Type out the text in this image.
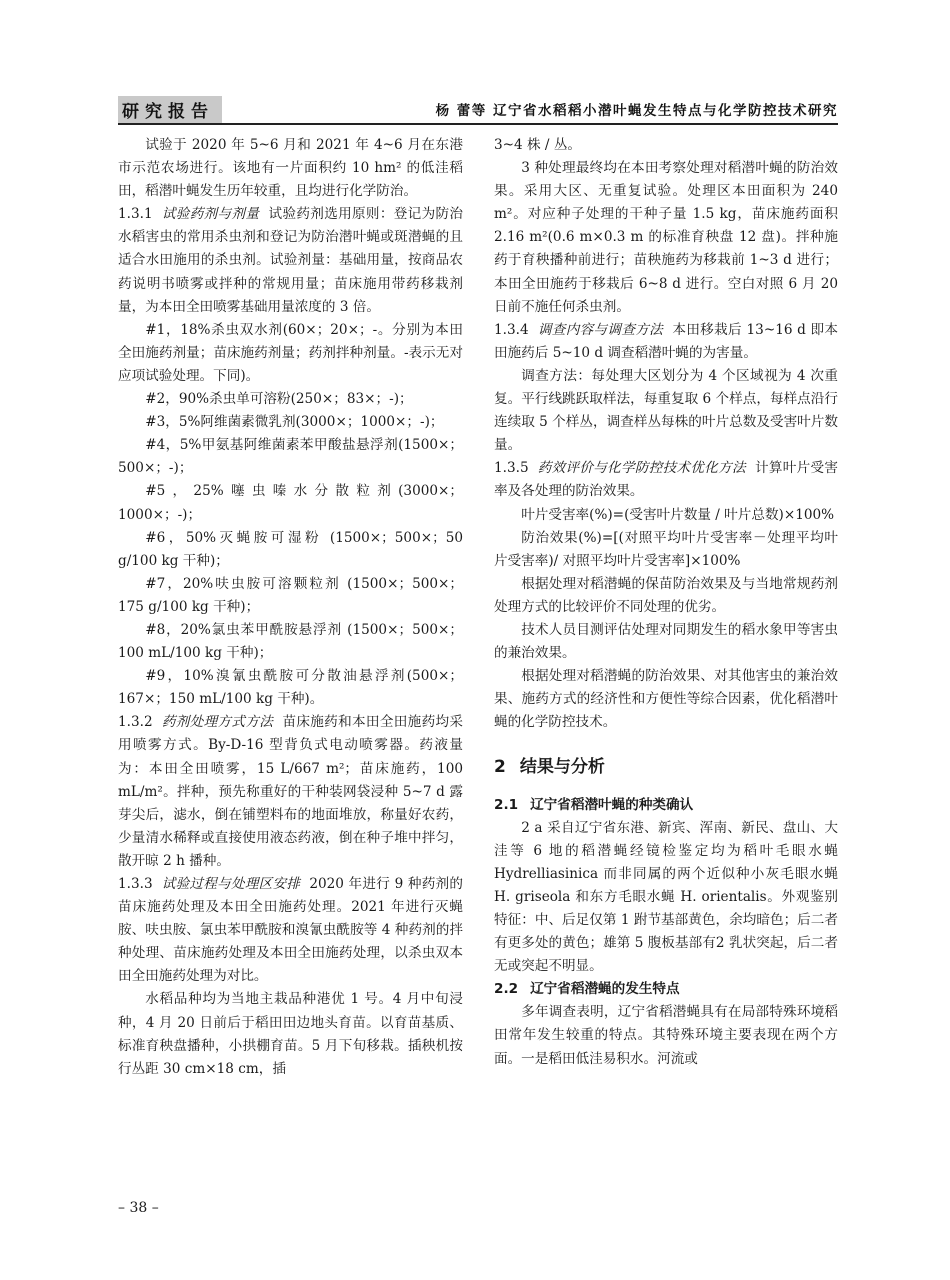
研究报告	杨 蕾等 辽宁省水稻稻小潜叶蝇发生特点与化学防控技术研究

试验于 2020 年 5~6 月和 2021 年 4~6 月在东港市示范农场进行。该地有一片面积约 10 hm² 的低洼稻田，稻潜叶蝇发生历年较重，且均进行化学防治。

1.3.1 试验药剂与剂量 试验药剂选用原则：登记为防治水稻害虫的常用杀虫剂和登记为防治潜叶蝇或斑潜蝇的且适合水田施用的杀虫剂。试验剂量：基础用量，按商品农药说明书喷雾或拌种的常规用量；苗床施用带药移栽剂量，为本田全田喷雾基础用量浓度的 3 倍。

#1，18%杀虫双水剂(60×；20×；-。分别为本田全田施药剂量；苗床施药剂量；药剂拌种剂量。-表示无对应项试验处理。下同)。

#2，90%杀虫单可溶粉(250×；83×；-)；

#3，5%阿维菌素微乳剂(3000×；1000×；-)；

#4，5%甲氨基阿维菌素苯甲酸盐悬浮剂(1500×；500×；-)；

#5，25%噻虫嗪水分散粒剂(3000×；1000×；-)；

#6，50%灭蝇胺可湿粉 (1500×；500×；50 g/100 kg 干种)；

#7，20%呋虫胺可溶颗粒剂 (1500×；500×；175 g/100 kg 干种)；

#8，20%氯虫苯甲酰胺悬浮剂 (1500×；500×；100 mL/100 kg 干种)；

#9，10%溴氰虫酰胺可分散油悬浮剂(500×；167×；150 mL/100 kg 干种)。

1.3.2 药剂处理方式方法 苗床施药和本田全田施药均采用喷雾方式。By-D-16 型背负式电动喷雾器。药液量为：本田全田喷雾，15 L/667 m²；苗床施药，100 mL/m²。拌种，预先称重好的干种装网袋浸种 5~7 d 露芽尖后，滤水，倒在铺塑料布的地面堆放，称量好农药，少量清水稀释或直接使用液态药液，倒在种子堆中拌匀，散开晾 2 h 播种。

1.3.3 试验过程与处理区安排 2020 年进行 9 种药剂的苗床施药处理及本田全田施药处理。2021 年进行灭蝇胺、呋虫胺、氯虫苯甲酰胺和溴氰虫酰胺等 4 种药剂的拌种处理、苗床施药处理及本田全田施药处理，以杀虫双本田全田施药处理为对比。

水稻品种均为当地主栽品种港优 1 号。4 月中旬浸种，4 月 20 日前后于稻田田边地头育苗。以育苗基质、标准育秧盘播种，小拱棚育苗。5 月下旬移栽。插秧机按行丛距 30 cm×18 cm，插

3~4 株 / 丛。

3 种处理最终均在本田考察处理对稻潜叶蝇的防治效果。采用大区、无重复试验。处理区本田面积为 240 m²。对应种子处理的干种子量 1.5 kg，苗床施药面积 2.16 m²(0.6 m×0.3 m 的标准育秧盘 12 盘)。拌种施药于育秧播种前进行；苗秧施药为移栽前 1~3 d 进行；本田全田施药于移栽后 6~8 d 进行。空白对照 6 月 20 日前不施任何杀虫剂。

1.3.4 调查内容与调查方法 本田移栽后 13~16 d 即本田施药后 5~10 d 调查稻潜叶蝇的为害量。

调查方法：每处理大区划分为 4 个区域视为 4 次重复。平行线跳跃取样法，每重复取 6 个样点，每样点沿行连续取 5 个样丛，调查样丛每株的叶片总数及受害叶片数量。

1.3.5 药效评价与化学防控技术优化方法 计算叶片受害率及各处理的防治效果。

叶片受害率(%)=(受害叶片数量 / 叶片总数)×100%

防治效果(%)=[(对照平均叶片受害率－处理平均叶片受害率)/ 对照平均叶片受害率]×100%

根据处理对稻潜蝇的保苗防治效果及与当地常规药剂处理方式的比较评价不同处理的优劣。

技术人员目测评估处理对同期发生的稻水象甲等害虫的兼治效果。

根据处理对稻潜蝇的防治效果、对其他害虫的兼治效果、施药方式的经济性和方便性等综合因素，优化稻潜叶蝇的化学防控技术。

2 结果与分析
2.1 辽宁省稻潜叶蝇的种类确认

2 a 采自辽宁省东港、新宾、浑南、新民、盘山、大洼等 6 地的稻潜蝇经镜检鉴定均为稻叶毛眼水蝇 Hydrelliasinica 而非同属的两个近似种小灰毛眼水蝇 H. griseola 和东方毛眼水蝇 H. orientalis。外观鉴别特征：中、后足仅第 1 跗节基部黄色，余均暗色；后二者有更多处的黄色；雄第 5 腹板基部有2 乳状突起，后二者无或突起不明显。

2.2 辽宁省稻潜蝇的发生特点

多年调查表明，辽宁省稻潜蝇具有在局部特殊环境稻田常年发生较重的特点。其特殊环境主要表现在两个方面。一是稻田低洼易积水。河流或

– 38 –
